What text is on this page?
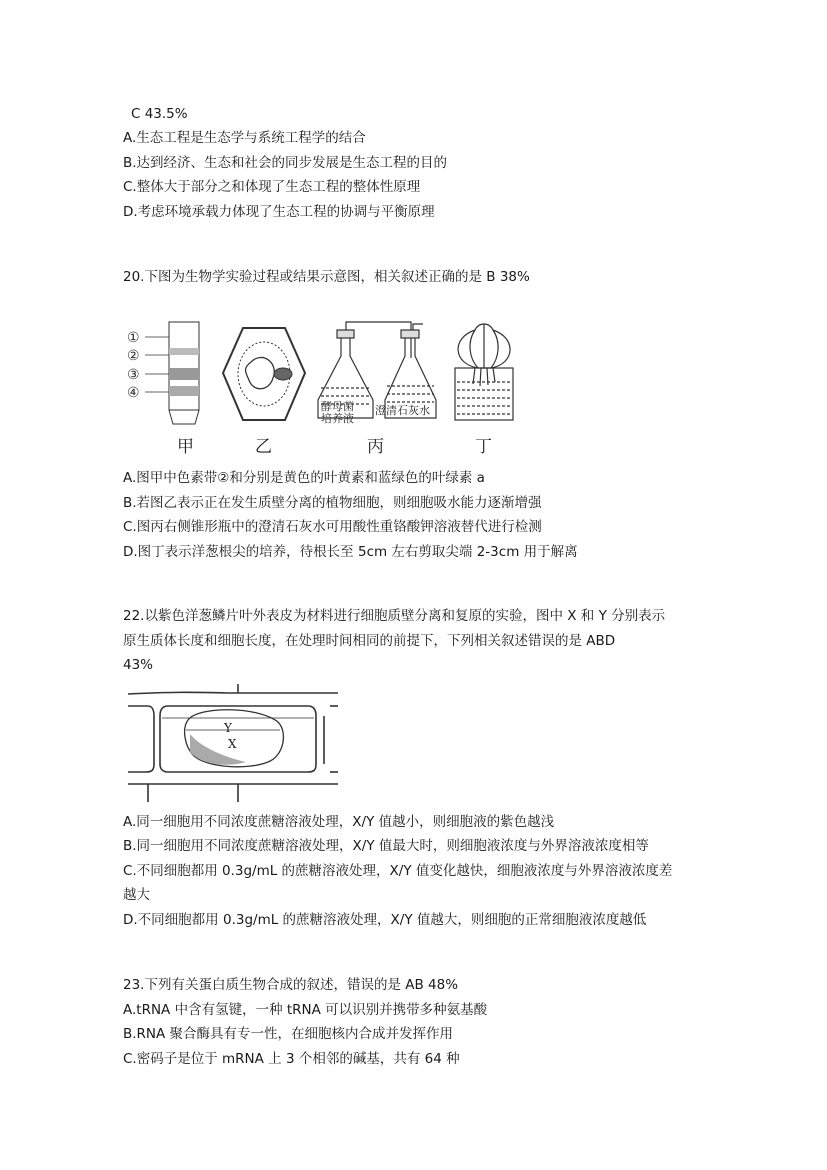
C 43.5%
A.生态工程是生态学与系统工程学的结合
B.达到经济、生态和社会的同步发展是生态工程的目的
C.整体大于部分之和体现了生态工程的整体性原理
D.考虑环境承载力体现了生态工程的协调与平衡原理
20.下图为生物学实验过程或结果示意图，相关叙述正确的是 B 38%
①
②
③
④
酵母菌
培养液
澄清石灰水
甲	乙	丙	丁
A.图甲中色素带②和分别是黄色的叶黄素和蓝绿色的叶绿素 a
B.若图乙表示正在发生质壁分离的植物细胞，则细胞吸水能力逐渐增强
C.图丙右侧锥形瓶中的澄清石灰水可用酸性重铬酸钾溶液替代进行检测
D.图丁表示洋葱根尖的培养，待根长至 5cm 左右剪取尖端 2-3cm 用于解离
22.以紫色洋葱鳞片叶外表皮为材料进行细胞质壁分离和复原的实验，图中 X 和 Y 分别表示
原生质体长度和细胞长度，在处理时间相同的前提下，下列相关叙述错误的是 ABD
43%
Y
X
A.同一细胞用不同浓度蔗糖溶液处理，X/Y 值越小，则细胞液的紫色越浅
B.同一细胞用不同浓度蔗糖溶液处理，X/Y 值最大时，则细胞液浓度与外界溶液浓度相等
C.不同细胞都用 0.3g/mL 的蔗糖溶液处理，X/Y 值变化越快，细胞液浓度与外界溶液浓度差
越大
D.不同细胞都用 0.3g/mL 的蔗糖溶液处理，X/Y 值越大，则细胞的正常细胞液浓度越低
23.下列有关蛋白质生物合成的叙述，错误的是 AB 48%
A.tRNA 中含有氢键，一种 tRNA 可以识别并携带多种氨基酸
B.RNA 聚合酶具有专一性，在细胞核内合成并发挥作用
C.密码子是位于 mRNA 上 3 个相邻的碱基，共有 64 种
